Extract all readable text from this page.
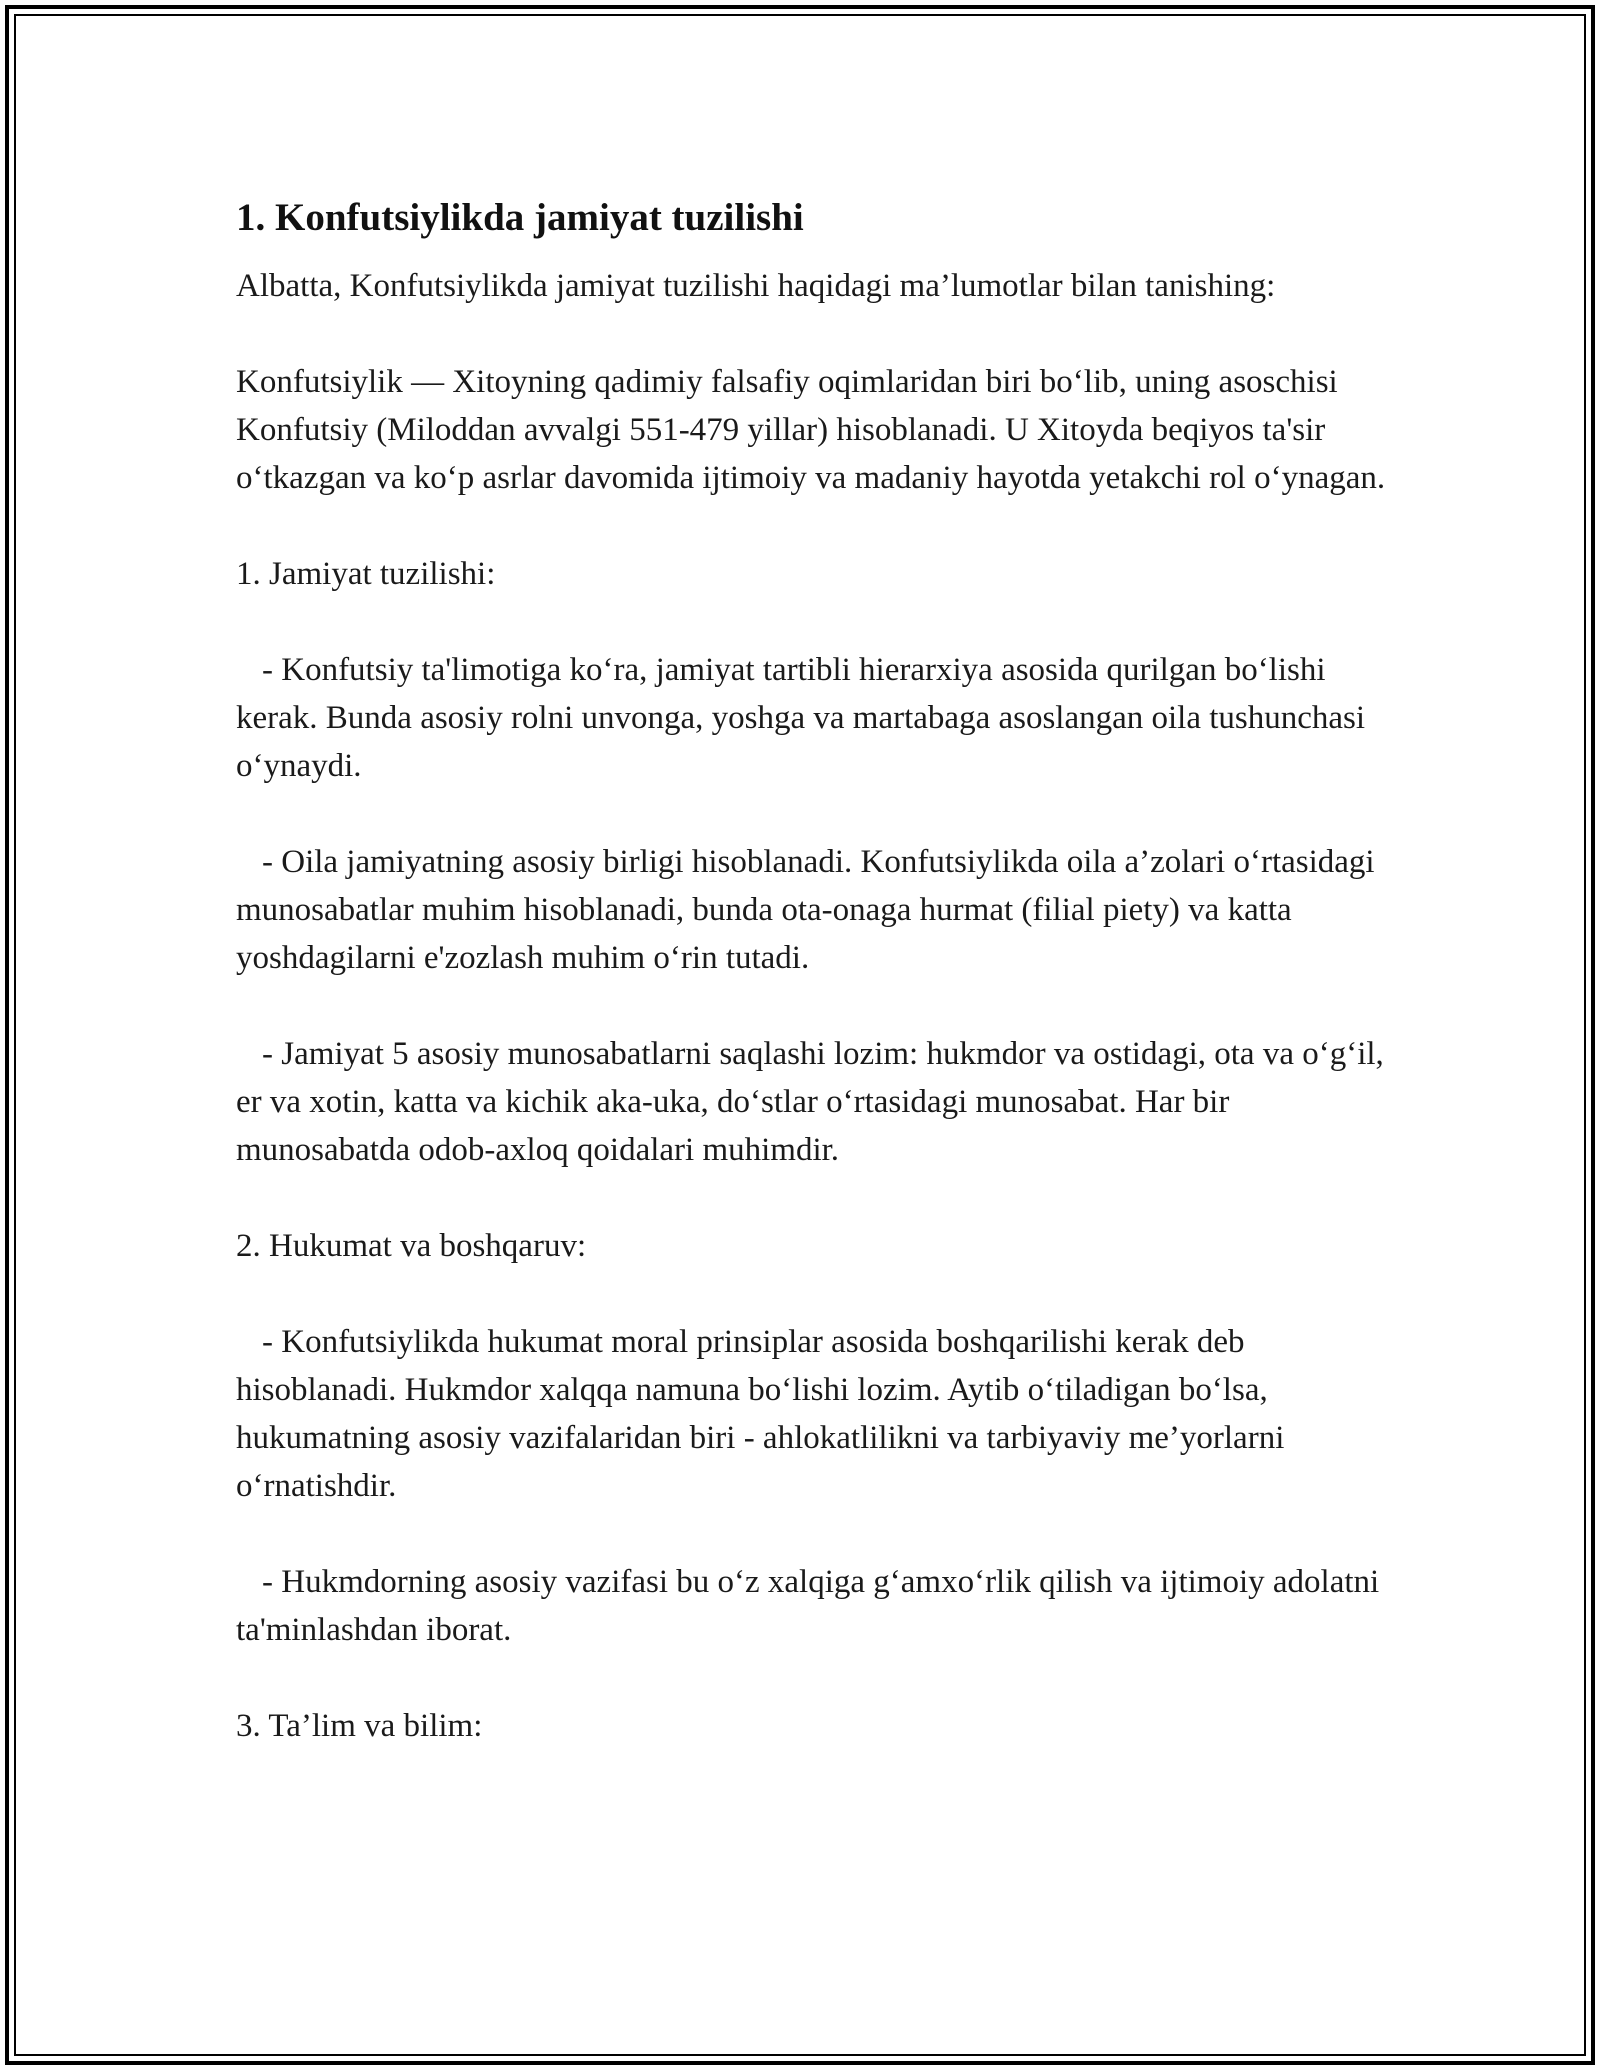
1. Konfutsiylikda jamiyat tuzilishi

Albatta, Konfutsiylikda jamiyat tuzilishi haqidagi ma’lumotlar bilan tanishing:

Konfutsiylik — Xitoyning qadimiy falsafiy oqimlaridan biri boʻlib, uning asoschisi Konfutsiy (Miloddan avvalgi 551-479 yillar) hisoblanadi. U Xitoyda beqiyos ta'sir oʻtkazgan va koʻp asrlar davomida ijtimoiy va madaniy hayotda yetakchi rol oʻynagan.

1. Jamiyat tuzilishi:

- Konfutsiy ta'limotiga koʻra, jamiyat tartibli hierarxiya asosida qurilgan boʻlishi kerak. Bunda asosiy rolni unvonga, yoshga va martabaga asoslangan oila tushunchasi oʻynaydi.

- Oila jamiyatning asosiy birligi hisoblanadi. Konfutsiylikda oila a’zolari oʻrtasidagi munosabatlar muhim hisoblanadi, bunda ota-onaga hurmat (filial piety) va katta yoshdagilarni e'zozlash muhim oʻrin tutadi.

- Jamiyat 5 asosiy munosabatlarni saqlashi lozim: hukmdor va ostidagi, ota va oʻgʻil, er va xotin, katta va kichik aka-uka, doʻstlar oʻrtasidagi munosabat. Har bir munosabatda odob-axloq qoidalari muhimdir.

2. Hukumat va boshqaruv:

- Konfutsiylikda hukumat moral prinsiplar asosida boshqarilishi kerak deb hisoblanadi. Hukmdor xalqqa namuna boʻlishi lozim. Aytib oʻtiladigan boʻlsa, hukumatning asosiy vazifalaridan biri - ahlokatlilikni va tarbiyaviy me’yorlarni oʻrnatishdir.

- Hukmdorning asosiy vazifasi bu oʻz xalqiga gʻamxoʻrlik qilish va ijtimoiy adolatni ta'minlashdan iborat.

3. Ta’lim va bilim:
